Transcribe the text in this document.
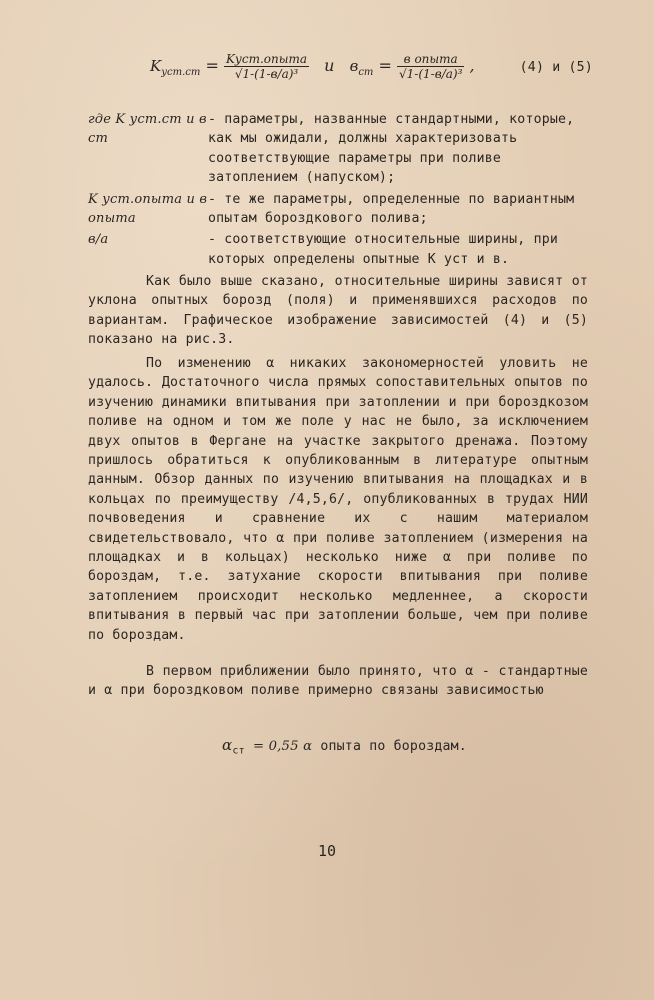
$K_{уст.ст} = \frac{\text{Kуст.опыта}}{\text{√1-(1-в/а)³}}$ и $в_{ст} = \frac{\text{в опыта}}{\text{√1-(1-в/а)³}}$ ,	(4) и (5)
где K уст.ст и в ст
- параметры, названные стандартными, которые, как мы ожидали, должны характеризовать соответствующие параметры при поливе затоплением (напуском);
K уст.опыта и в опыта
- те же параметры, определенные по вариантным опытам бороздкового полива;
в/а	- соответствующие относительные ширины, при которых определены опытные K уст и в.
Как было выше сказано, относительные ширины зависят от уклона опытных борозд (поля) и применявшихся расходов по вариантам. Графическое изображение зависимостей (4) и (5) показано на рис.3.
По изменению α никаких закономерностей уловить не удалось. Достаточного числа прямых сопоставительных опытов по изучению динамики впитывания при затоплении и при бороздкозом поливе на одном и том же поле у нас не было, за исключением двух опытов в Фергане на участке закрытого дренажа. Поэтому пришлось обратиться к опубликованным в литературе опытным данным. Обзор данных по изучению впитывания на площадках и в кольцах по преимуществу /4,5,6/, опубликованных в трудах НИИ почвоведения и сравнение их с нашим материалом свидетельствовало, что α при поливе затоплением (измерения на площадках и в кольцах) несколько ниже α при поливе по бороздам, т.е. затухание скорости впитывания при поливе затоплением происходит несколько медленнее, а скорости впитывания в первый час при затоплении больше, чем при поливе по бороздам.
В первом приближении было принято, что α - стандартные и α при бороздковом поливе примерно связаны зависимостью
$\alpha_{ст} = 0,55$ α опыта по бороздам.
10
